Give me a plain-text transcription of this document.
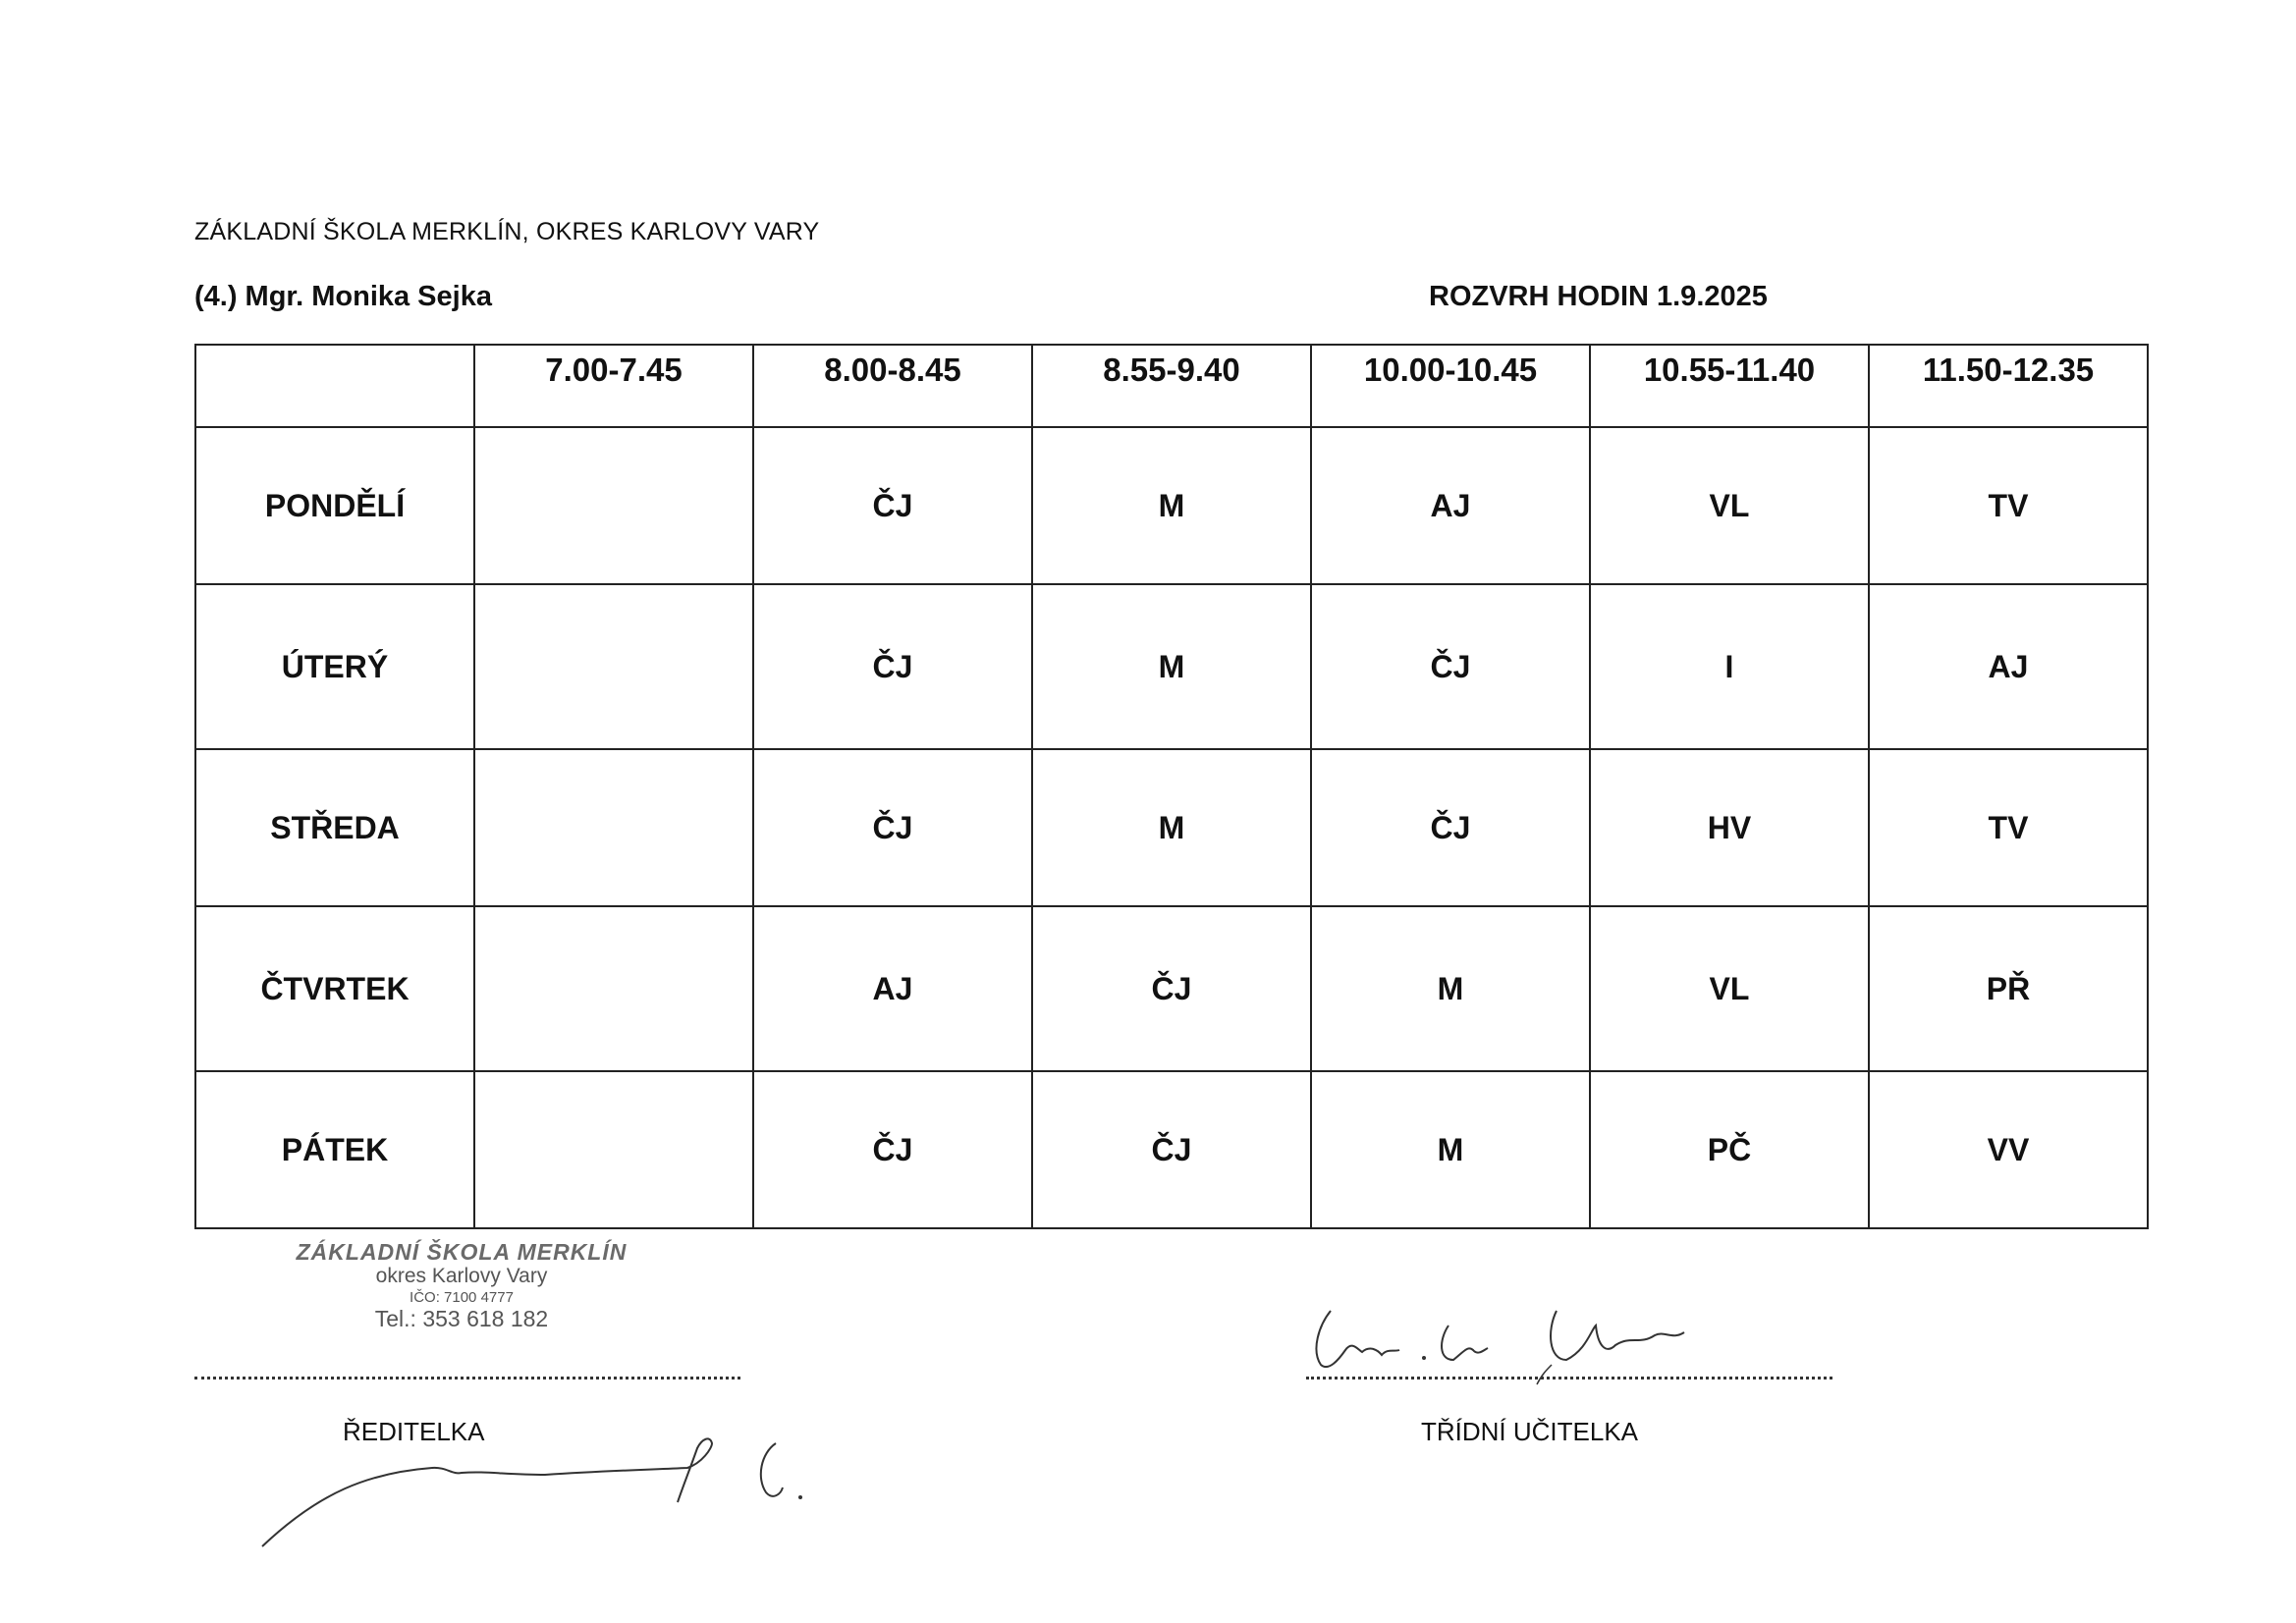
ZÁKLADNÍ ŠKOLA MERKLÍN, OKRES KARLOVY VARY
(4.) Mgr. Monika Sejka	ROZVRH HODIN 1.9.2025
	7.00-7.45	8.00-8.45	8.55-9.40	10.00-10.45	10.55-11.40	11.50-12.35
PONDĚLÍ		ČJ	M	AJ	VL	TV
ÚTERÝ		ČJ	M	ČJ	I	AJ
STŘEDA		ČJ	M	ČJ	HV	TV
ČTVRTEK		AJ	ČJ	M	VL	PŘ
PÁTEK		ČJ	ČJ	M	PČ	VV
ZÁKLADNÍ ŠKOLA MERKLÍN
okres Karlovy Vary
IČO: 7100 4777
Tel.: 353 618 182
ŘEDITELKA	TŘÍDNÍ UČITELKA
